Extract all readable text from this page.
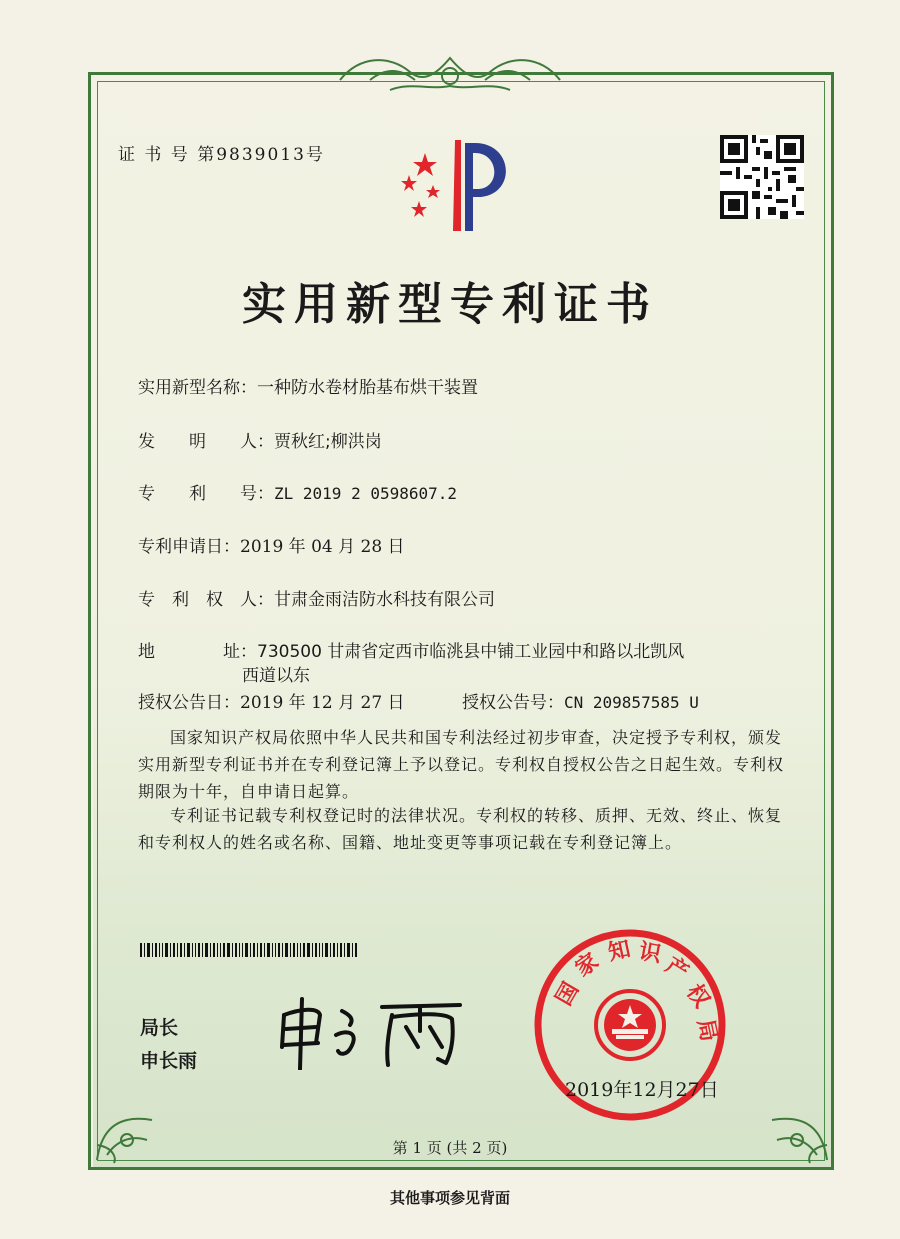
证 书 号 第9839013号
实用新型专利证书
实用新型名称：一种防水卷材胎基布烘干装置
发　　明　　人：贾秋红;柳洪岗
专　　利　　号：ZL 2019 2 0598607.2
专利申请日：2019 年 04 月 28 日
专　利　权　人：甘肃金雨洁防水科技有限公司
地　　　　址：730500 甘肃省定西市临洮县中铺工业园中和路以北凯风
西道以东
授权公告日：2019 年 12 月 27 日	授权公告号：CN 209857585 U
国家知识产权局依照中华人民共和国专利法经过初步审查，决定授予专利权，颁发实用新型专利证书并在专利登记簿上予以登记。专利权自授权公告之日起生效。专利权期限为十年，自申请日起算。
专利证书记载专利权登记时的法律状况。专利权的转移、质押、无效、终止、恢复和专利权人的姓名或名称、国籍、地址变更等事项记载在专利登记簿上。
局长
申长雨
国
家 知 识
产
权
局
2019年12月27日
第 1 页 (共 2 页)
其他事项参见背面
